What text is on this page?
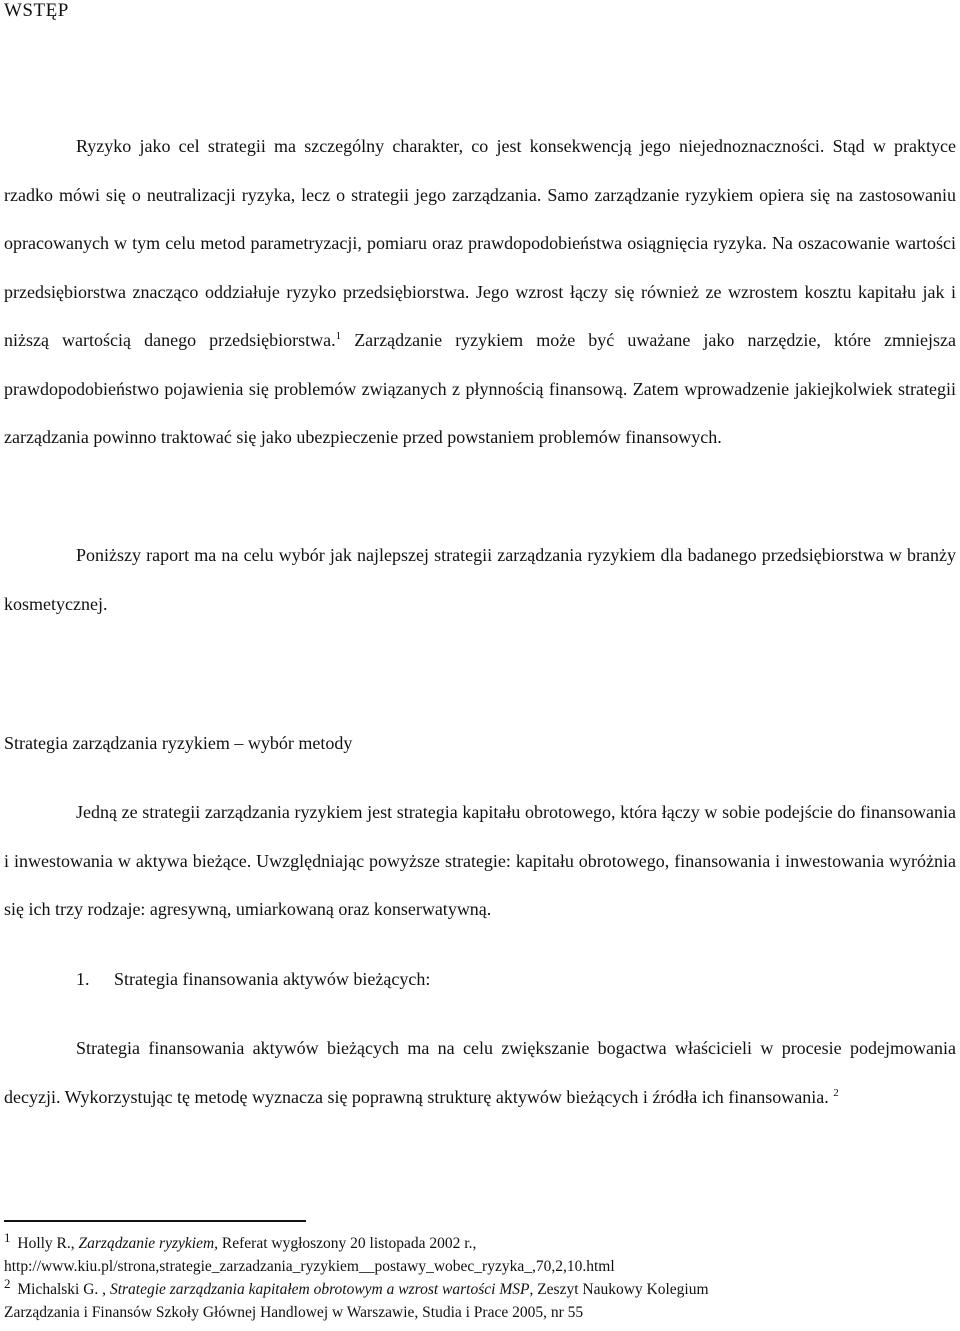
WSTĘP

Ryzyko jako cel strategii ma szczególny charakter, co jest konsekwencją jego niejednoznaczności. Stąd w praktyce rzadko mówi się o neutralizacji ryzyka, lecz o strategii jego zarządzania. Samo zarządzanie ryzykiem opiera się na zastosowaniu opracowanych w tym celu metod parametryzacji, pomiaru oraz prawdopodobieństwa osiągnięcia ryzyka. Na oszacowanie wartości przedsiębiorstwa znacząco oddziałuje ryzyko przedsiębiorstwa. Jego wzrost łączy się również ze wzrostem kosztu kapitału jak i niższą wartością danego przedsiębiorstwa.$^1$ Zarządzanie ryzykiem może być uważane jako narzędzie, które zmniejsza prawdopodobieństwo pojawienia się problemów związanych z płynnością finansową. Zatem wprowadzenie jakiejkolwiek strategii zarządzania powinno traktować się jako ubezpieczenie przed powstaniem problemów finansowych.

Poniższy raport ma na celu wybór jak najlepszej strategii zarządzania ryzykiem dla badanego przedsiębiorstwa w branży kosmetycznej.

Strategia zarządzania ryzykiem – wybór metody

Jedną ze strategii zarządzania ryzykiem jest strategia kapitału obrotowego, która łączy w sobie podejście do finansowania i inwestowania w aktywa bieżące. Uwzględniając powyższe strategie: kapitału obrotowego, finansowania i inwestowania wyróżnia się ich trzy rodzaje: agresywną, umiarkowaną oraz konserwatywną.

1. Strategia finansowania aktywów bieżących:

Strategia finansowania aktywów bieżących ma na celu zwiększanie bogactwa właścicieli w procesie podejmowania decyzji. Wykorzystując tę metodę wyznacza się poprawną strukturę aktywów bieżących i źródła ich finansowania. $^2$

$^1$ Holly R., Zarządzanie ryzykiem, Referat wygłoszony 20 listopada 2002 r.,
http://www.kiu.pl/strona,strategie_zarzadzania_ryzykiem__postawy_wobec_ryzyka_,70,2,10.html
$^2$ Michalski G. , Strategie zarządzania kapitałem obrotowym a wzrost wartości MSP, Zeszyt Naukowy Kolegium
Zarządzania i Finansów Szkoły Głównej Handlowej w Warszawie, Studia i Prace 2005, nr 55
